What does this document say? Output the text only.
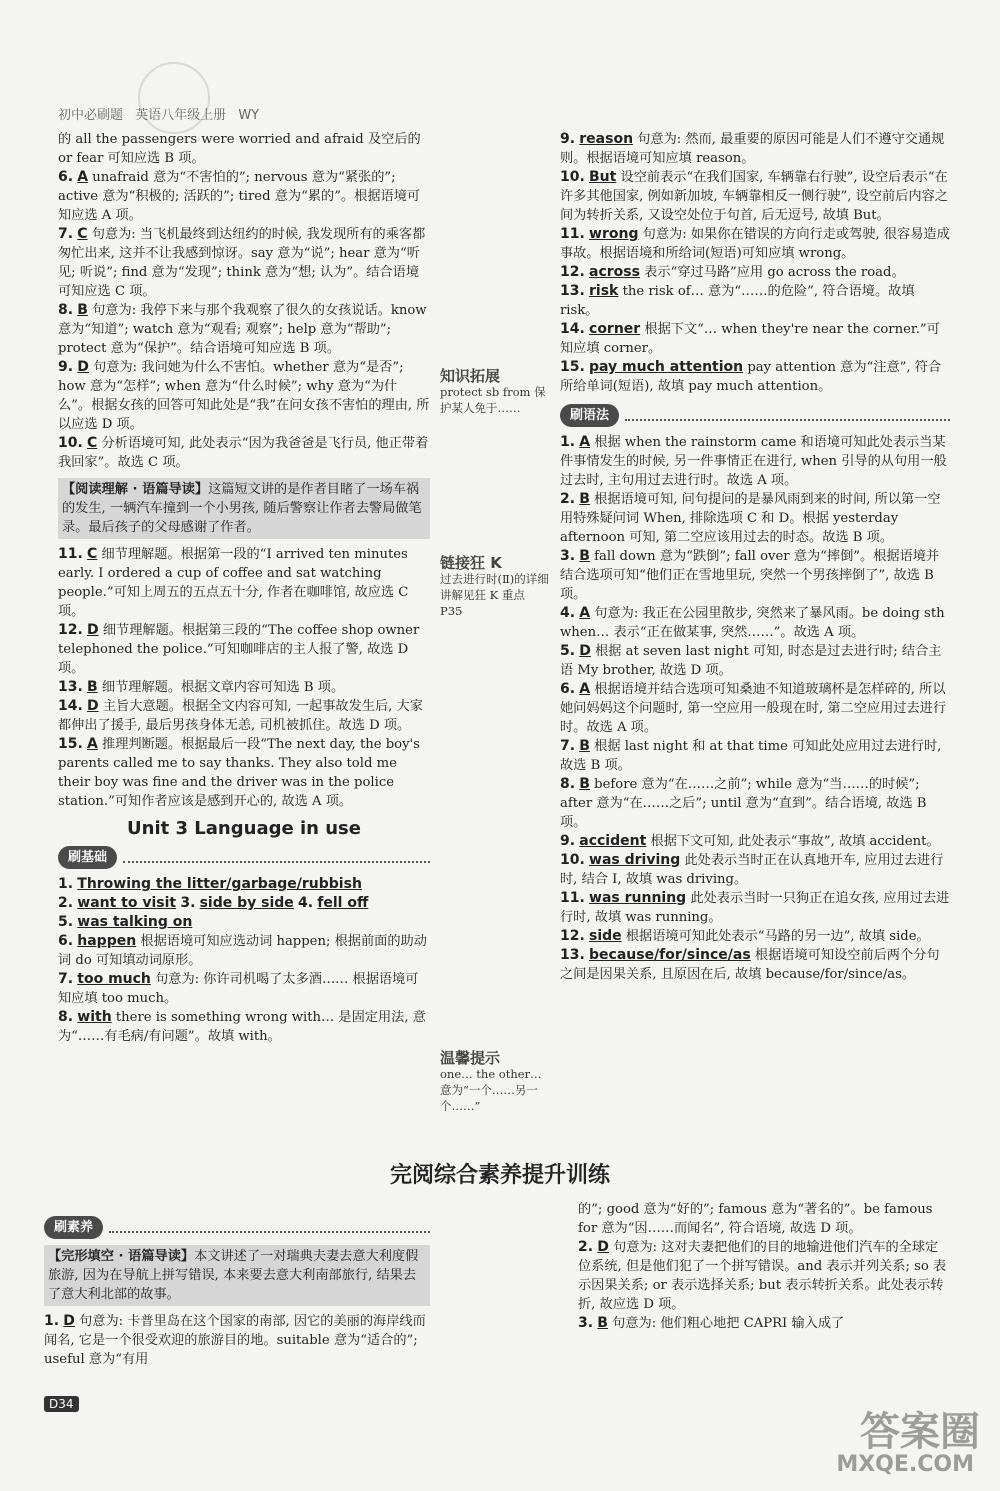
初中必刷题 英语八年级上册 WY

的 all the passengers were worried and afraid 及空后的 or fear 可知应选 B 项。

6. A unafraid 意为“不害怕的”; nervous 意为“紧张的”; active 意为“积极的; 活跃的”; tired 意为“累的”。根据语境可知应选 A 项。

7. C 句意为: 当飞机最终到达纽约的时候, 我发现所有的乘客都匆忙出来, 这并不让我感到惊讶。say 意为“说”; hear 意为“听见; 听说”; find 意为“发现”; think 意为“想; 认为”。结合语境可知应选 C 项。

8. B 句意为: 我停下来与那个我观察了很久的女孩说话。know 意为“知道”; watch 意为“观看; 观察”; help 意为“帮助”; protect 意为“保护”。结合语境可知应选 B 项。

9. D 句意为: 我问她为什么不害怕。whether 意为“是否”; how 意为“怎样”; when 意为“什么时候”; why 意为“为什么”。根据女孩的回答可知此处是“我”在问女孩不害怕的理由, 所以应选 D 项。

10. C 分析语境可知, 此处表示“因为我爸爸是飞行员, 他正带着我回家”。故选 C 项。

【阅读理解 · 语篇导读】这篇短文讲的是作者目睹了一场车祸的发生, 一辆汽车撞到一个小男孩, 随后警察让作者去警局做笔录。最后孩子的父母感谢了作者。

11. C 细节理解题。根据第一段的“I arrived ten minutes early. I ordered a cup of coffee and sat watching people.”可知上周五的五点五十分, 作者在咖啡馆, 故应选 C 项。

12. D 细节理解题。根据第三段的“The coffee shop owner telephoned the police.”可知咖啡店的主人报了警, 故选 D 项。

13. B 细节理解题。根据文章内容可知选 B 项。

14. D 主旨大意题。根据全文内容可知, 一起事故发生后, 大家都伸出了援手, 最后男孩身体无恙, 司机被抓住。故选 D 项。

15. A 推理判断题。根据最后一段“The next day, the boy's parents called me to say thanks. They also told me their boy was fine and the driver was in the police station.”可知作者应该是感到开心的, 故选 A 项。

Unit 3 Language in use
刷基础

1. Throwing the litter/garbage/rubbish

2. want to visit 3. side by side 4. fell off

5. was talking on

6. happen 根据语境可知应选动词 happen; 根据前面的助动词 do 可知填动词原形。

7. too much 句意为: 你许司机喝了太多酒…… 根据语境可知应填 too much。

8. with there is something wrong with… 是固定用法, 意为“……有毛病/有问题”。故填 with。

刷素养
【完形填空 · 语篇导读】本文讲述了一对瑞典夫妻去意大利度假旅游, 因为在导航上拼写错误, 本来要去意大利南部旅行, 结果去了意大利北部的故事。

1. D 句意为: 卡普里岛在这个国家的南部, 因它的美丽的海岸线而闻名, 它是一个很受欢迎的旅游目的地。suitable 意为“适合的”; useful 意为“有用

9. reason 句意为: 然而, 最重要的原因可能是人们不遵守交通规则。根据语境可知应填 reason。

10. But 设空前表示“在我们国家, 车辆靠右行驶”, 设空后表示“在许多其他国家, 例如新加坡, 车辆靠相反一侧行驶”, 设空前后内容之间为转折关系, 又设空处位于句首, 后无逗号, 故填 But。

11. wrong 句意为: 如果你在错误的方向行走或驾驶, 很容易造成事故。根据语境和所给词(短语)可知应填 wrong。

12. across 表示“穿过马路”应用 go across the road。

13. risk the risk of… 意为“……的危险”, 符合语境。故填 risk。

14. corner 根据下文“… when they're near the corner.”可知应填 corner。

15. pay much attention pay attention 意为“注意”, 符合所给单词(短语), 故填 pay much attention。

刷语法

1. A 根据 when the rainstorm came 和语境可知此处表示当某件事情发生的时候, 另一件事情正在进行, when 引导的从句用一般过去时, 主句用过去进行时。故选 A 项。

2. B 根据语境可知, 问句提问的是暴风雨到来的时间, 所以第一空用特殊疑问词 When, 排除选项 C 和 D。根据 yesterday afternoon 可知, 第二空应该用过去的时态。故选 B 项。

3. B fall down 意为“跌倒”; fall over 意为“摔倒”。根据语境并结合选项可知“他们正在雪地里玩, 突然一个男孩摔倒了”, 故选 B 项。

4. A 句意为: 我正在公园里散步, 突然来了暴风雨。be doing sth when… 表示“正在做某事, 突然……”。故选 A 项。

5. D 根据 at seven last night 可知, 时态是过去进行时; 结合主语 My brother, 故选 D 项。

6. A 根据语境并结合选项可知桑迪不知道玻璃杯是怎样碎的, 所以她问妈妈这个问题时, 第一空应用一般现在时, 第二空应用过去进行时。故选 A 项。

7. B 根据 last night 和 at that time 可知此处应用过去进行时, 故选 B 项。

8. B before 意为“在……之前”; while 意为“当……的时候”; after 意为“在……之后”; until 意为“直到”。结合语境, 故选 B 项。

9. accident 根据下文可知, 此处表示“事故”, 故填 accident。

10. was driving 此处表示当时正在认真地开车, 应用过去进行时, 结合 I, 故填 was driving。

11. was running 此处表示当时一只狗正在追女孩, 应用过去进行时, 故填 was running。

12. side 根据语境可知此处表示“马路的另一边”, 故填 side。

13. because/for/since/as 根据语境可知设空前后两个分句之间是因果关系, 且原因在后, 故填 because/for/since/as。

完阅综合素养提升训练

的”; good 意为“好的”; famous 意为“著名的”。be famous for 意为“因……而闻名”, 符合语境, 故选 D 项。

2. D 句意为: 这对夫妻把他们的目的地输进他们汽车的全球定位系统, 但是他们犯了一个拼写错误。and 表示并列关系; so 表示因果关系; or 表示选择关系; but 表示转折关系。此处表示转折, 故应选 D 项。

3. B 句意为: 他们粗心地把 CAPRI 输入成了

知识拓展
protect sb from 保护某人免于……
链接狂 K
过去进行时(Ⅱ)的详细讲解见狂 K 重点 P35
温馨提示
one… the other… 意为“一个……另一个……”
D34
答案圈
MXQE.COM
